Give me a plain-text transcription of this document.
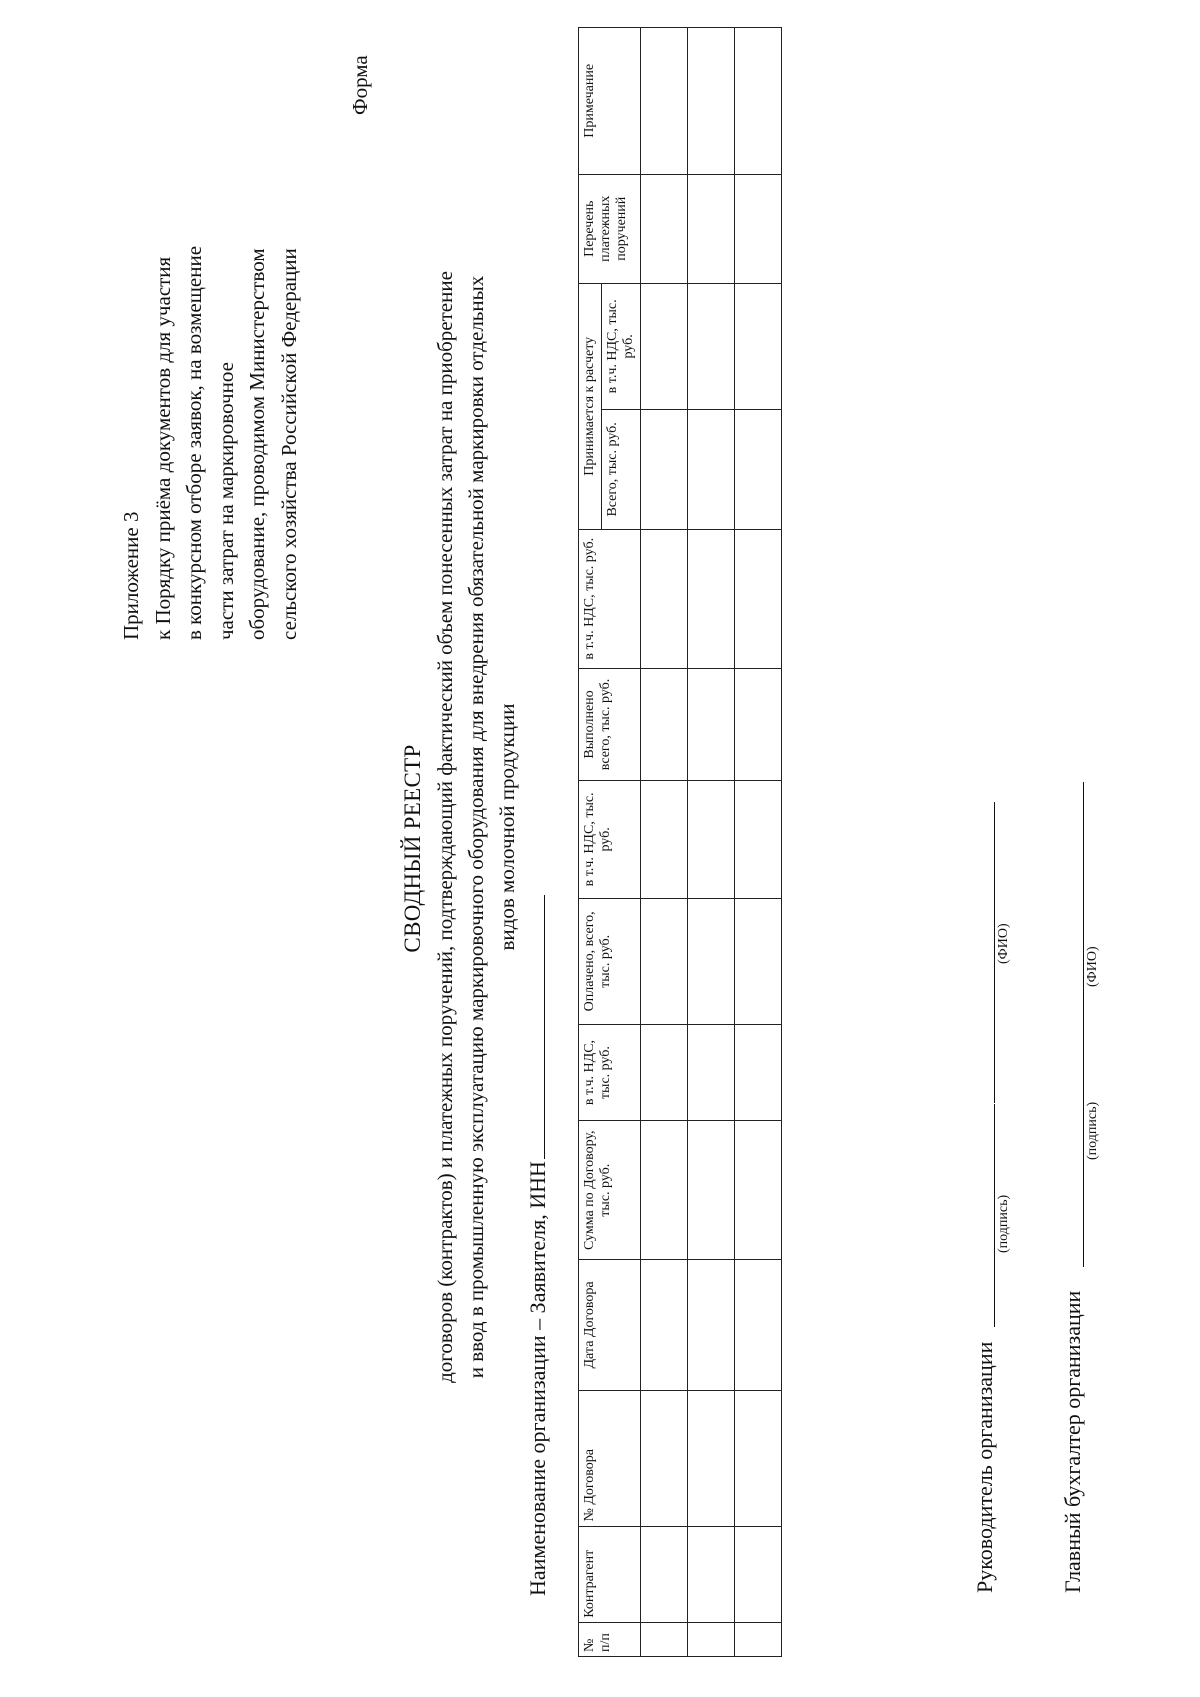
Приложение 3 к Порядку приёма документов для участия в конкурсном отборе заявок, на возмещение части затрат на маркировочное оборудование, проводимом Министерством сельского хозяйства Российской Федерации
Форма
СВОДНЫЙ РЕЕСТР договоров (контрактов) и платежных поручений, подтверждающий фактический объем понесенных затрат на приобретение и ввод в промышленную эксплуатацию маркировочного оборудования для внедрения обязательной маркировки отдельных видов молочной продукции
Наименование организации – Заявителя, ИНН
№ п/п	Контрагент	№ Договора	Дата Договора	Сумма по Договору, тыс. руб.	в т.ч. НДС, тыс. руб.	Оплачено, всего, тыс. руб.	в т.ч. НДС, тыс. руб.	Выполнено всего, тыс. руб.	в т.ч. НДС, тыс. руб.	Принимается к расчету		Перечень платежных поручений	Примечание
										Всего, тыс. руб.	в т.ч. НДС, тыс. руб.		

Руководитель организации
(подпись)
(ФИО)
Главный бухгалтер организации
(подпись)
(ФИО)
